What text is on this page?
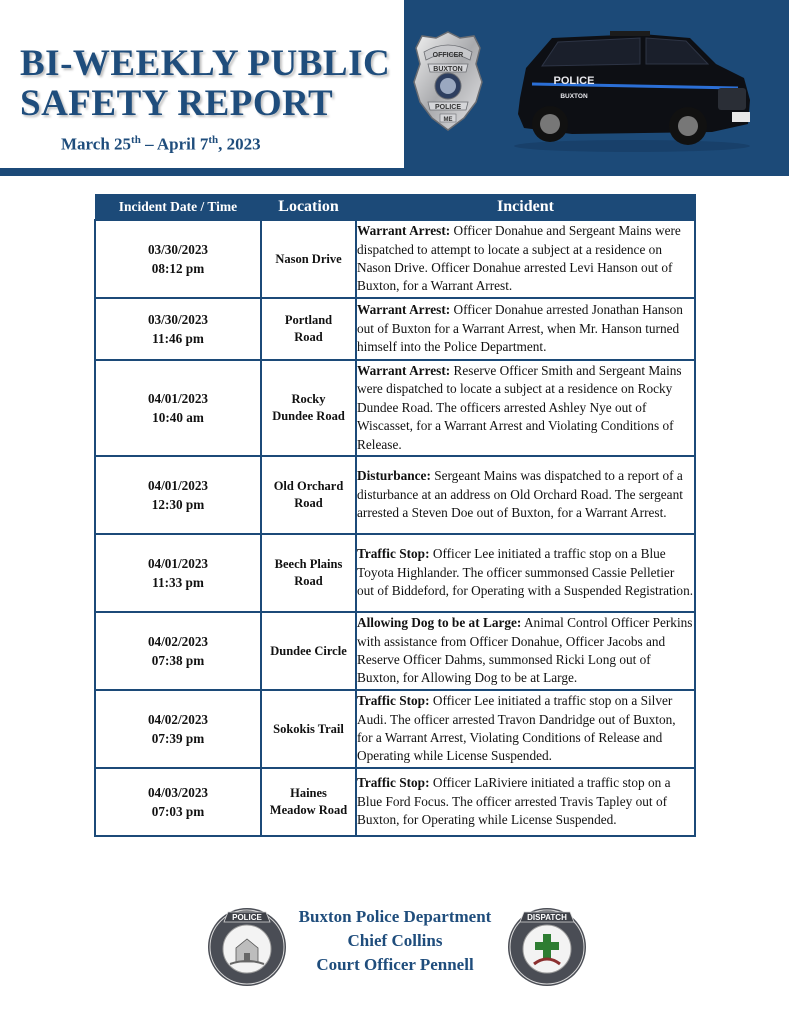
BI-WEEKLY PUBLIC
SAFETY REPORT
March 25th – April 7th, 2023
OFFICER
BUXTON
POLICE
ME
POLICE
BUXTON
Incident Date / Time	Location	Incident
03/30/2023
08:12 pm	Nason Drive	Warrant Arrest: Officer Donahue and Sergeant Mains were dispatched to attempt to locate a subject at a residence on Nason Drive. Officer Donahue arrested Levi Hanson out of Buxton, for a Warrant Arrest.
03/30/2023
11:46 pm	Portland
Road	Warrant Arrest: Officer Donahue arrested Jonathan Hanson out of Buxton for a Warrant Arrest, when Mr. Hanson turned himself into the Police Department.
04/01/2023
10:40 am	Rocky
Dundee Road	Warrant Arrest: Reserve Officer Smith and Sergeant Mains were dispatched to locate a subject at a residence on Rocky Dundee Road. The officers arrested Ashley Nye out of Wiscasset, for a Warrant Arrest and Violating Conditions of Release.
04/01/2023
12:30 pm	Old Orchard
Road	Disturbance: Sergeant Mains was dispatched to a report of a disturbance at an address on Old Orchard Road. The sergeant arrested a Steven Doe out of Buxton, for a Warrant Arrest.
04/01/2023
11:33 pm	Beech Plains
Road	Traffic Stop: Officer Lee initiated a traffic stop on a Blue Toyota Highlander. The officer summonsed Cassie Pelletier out of Biddeford, for Operating with a Suspended Registration.
04/02/2023
07:38 pm	Dundee Circle	Allowing Dog to be at Large: Animal Control Officer Perkins with assistance from Officer Donahue, Officer Jacobs and Reserve Officer Dahms, summonsed Ricki Long out of Buxton, for Allowing Dog to be at Large.
04/02/2023
07:39 pm	Sokokis Trail	Traffic Stop: Officer Lee initiated a traffic stop on a Silver Audi. The officer arrested Travon Dandridge out of Buxton, for a Warrant Arrest, Violating Conditions of Release and Operating while License Suspended.
04/03/2023
07:03 pm	Haines
Meadow Road	Traffic Stop: Officer LaRiviere initiated a traffic stop on a Blue Ford Focus. The officer arrested Travis Tapley out of Buxton, for Operating while License Suspended.
POLICE	Buxton Police Department
Chief Collins
Court Officer Pennell
DISPATCH
